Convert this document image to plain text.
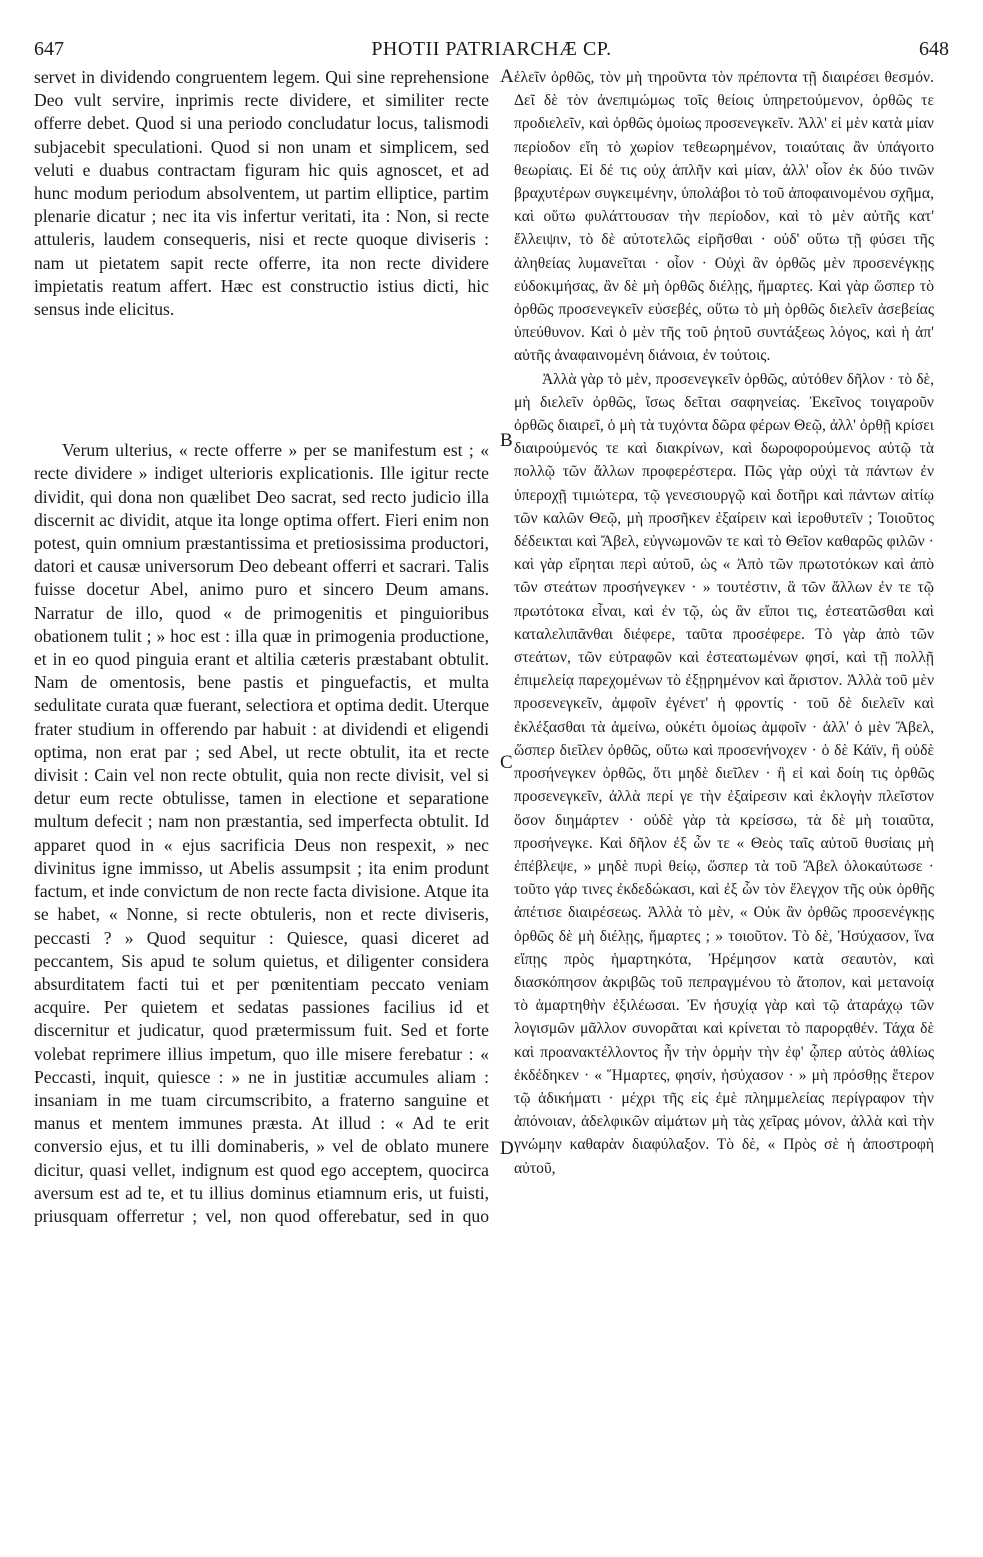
647	PHOTII PATRIARCHÆ CP.	648
A
B
C
D

servet in dividendo congruentem legem. Qui sine reprehensione Deo vult servire, inprimis recte dividere, et similiter recte offerre debet. Quod si una periodo concludatur locus, talismodi subjacebit speculationi. Quod si non unam et simplicem, sed veluti e duabus contractam figuram hic quis agnoscet, et ad hunc modum periodum absolventem, ut partim elliptice, partim plenarie dicatur ; nec ita vis infertur veritati, ita : Non, si recte attuleris, laudem consequeris, nisi et recte quoque diviseris : nam ut pietatem sapit recte offerre, ita non recte dividere impietatis reatum affert. Hæc est constructio istius dicti, hic sensus inde elicitus.

Verum ulterius, « recte offerre » per se manifestum est ; « recte dividere » indiget ulterioris explicationis. Ille igitur recte dividit, qui dona non quælibet Deo sacrat, sed recto judicio illa discernit ac dividit, atque ita longe optima offert. Fieri enim non potest, quin omnium præstantissima et pretiosissima productori, datori et causæ universorum Deo debeant offerri et sacrari. Talis fuisse docetur Abel, animo puro et sincero Deum amans. Narratur de illo, quod « de primogenitis et pinguioribus obationem tulit ; » hoc est : illa quæ in primogenia productione, et in eo quod pinguia erant et altilia cæteris præstabant obtulit. Nam de omentosis, bene pastis et pinguefactis, et multa sedulitate curata quæ fuerant, selectiora et optima dedit. Uterque frater studium in offerendo par habuit : at dividendi et eligendi optima, non erat par ; sed Abel, ut recte obtulit, ita et recte divisit : Cain vel non recte obtulit, quia non recte divisit, vel si detur eum recte obtulisse, tamen in electione et separatione multum defecit ; nam non præstantia, sed imperfecta obtulit. Id apparet quod in « ejus sacrificia Deus non respexit, » nec divinitus igne immisso, ut Abelis assumpsit ; ita enim produnt factum, et inde convictum de non recte facta divisione. Atque ita se habet, « Nonne, si recte obtuleris, non et recte diviseris, peccasti ? » Quod sequitur : Quiesce, quasi diceret ad peccantem, Sis apud te solum quietus, et diligenter considera absurditatem facti tui et per pœnitentiam peccato veniam acquire. Per quietem et sedatas passiones facilius id et discernitur et judicatur, quod prætermissum fuit. Sed et forte volebat reprimere illius impetum, quo ille misere ferebatur : « Peccasti, inquit, quiesce : » ne in justitiæ accumules aliam : insaniam in me tuam circumscribito, a fraterno sanguine et manus et mentem immunes præsta. At illud : « Ad te erit conversio ejus, et tu illi dominaberis, » vel de oblato munere dicitur, quasi vellet, indignum est quod ego acceptem, quocirca aversum est ad te, et tu illius dominus etiamnum eris, ut fuisti, priusquam offerretur ; vel, non quod offerebatur, sed in quo

ἑλεῖν ὀρθῶς, τὸν μὴ τηροῦντα τὸν πρέποντα τῇ διαιρέσει θεσμόν. Δεῖ δὲ τὸν ἀνεπιμώμως τοῖς θείοις ὑπηρετούμενον, ὀρθῶς τε προδιελεῖν, καὶ ὀρθῶς ὁμοίως προσενεγκεῖν. Ἀλλ' εἰ μὲν κατὰ μίαν περίοδον εἴη τὸ χωρίον τεθεωρημένον, τοιαύταις ἂν ὑπάγοιτο θεωρίαις. Εἰ δέ τις οὐχ ἁπλῆν καὶ μίαν, ἀλλ' οἷον ἐκ δύο τινῶν βραχυτέρων συγκειμένην, ὑπολάβοι τὸ τοῦ ἀποφαινομένου σχῆμα, καὶ οὕτω φυλάττουσαν τὴν περίοδον, καὶ τὸ μὲν αὐτῆς κατ' ἔλλειψιν, τὸ δὲ αὐτοτελῶς εἰρῆσθαι · οὐδ' οὕτω τῇ φύσει τῆς ἀληθείας λυμανεῖται · οἷον · Οὐχὶ ἂν ὀρθῶς μὲν προσενέγκῃς εὐδοκιμήσας, ἂν δὲ μὴ ὀρθῶς διέλῃς, ἥμαρτες. Καὶ γὰρ ὥσπερ τὸ ὀρθῶς προσενεγκεῖν εὐσεβές, οὕτω τὸ μὴ ὀρθῶς διελεῖν ἀσεβείας ὑπεύθυνον. Καὶ ὁ μὲν τῆς τοῦ ῥητοῦ συντάξεως λόγος, καὶ ἡ ἀπ' αὐτῆς ἀναφαινομένη διάνοια, ἐν τούτοις.

Ἀλλὰ γὰρ τὸ μὲν, προσενεγκεῖν ὀρθῶς, αὐτόθεν δῆλον · τὸ δὲ, μὴ διελεῖν ὀρθῶς, ἴσως δεῖται σαφηνείας. Ἐκεῖνος τοιγαροῦν ὀρθῶς διαιρεῖ, ὁ μὴ τὰ τυχόντα δῶρα φέρων Θεῷ, ἀλλ' ὀρθῇ κρίσει διαιρούμενός τε καὶ διακρίνων, καὶ δωροφορούμενος αὐτῷ τὰ πολλῷ τῶν ἄλλων προφερέστερα. Πῶς γὰρ οὐχὶ τὰ πάντων ἐν ὑπεροχῇ τιμιώτερα, τῷ γενεσιουργῷ καὶ δοτῆρι καὶ πάντων αἰτίῳ τῶν καλῶν Θεῷ, μὴ προσῆκεν ἐξαίρειν καὶ ἱεροθυτεῖν ; Τοιοῦτος δέδεικται καὶ Ἄβελ, εὐγνωμονῶν τε καὶ τὸ Θεῖον καθαρῶς φιλῶν · καὶ γὰρ εἴρηται περὶ αὐτοῦ, ὡς « Ἀπὸ τῶν πρωτοτόκων καὶ ἀπὸ τῶν στεάτων προσήνεγκεν · » τουτέστιν, ἃ τῶν ἄλλων ἐν τε τῷ πρωτότοκα εἶναι, καὶ ἐν τῷ, ὡς ἂν εἴποι τις, ἐστεατῶσθαι καὶ καταλελιπᾶνθαι διέφερε, ταῦτα προσέφερε. Τὸ γὰρ ἀπὸ τῶν στεάτων, τῶν εὐτραφῶν καὶ ἐστεατωμένων φησί, καὶ τῇ πολλῇ ἐπιμελείᾳ παρεχομένων τὸ ἐξῃρημένον καὶ ἄριστον. Ἀλλὰ τοῦ μὲν προσενεγκεῖν, ἀμφοῖν ἐγένετ' ἡ φροντίς · τοῦ δὲ διελεῖν καὶ ἐκλέξασθαι τὰ ἀμείνω, οὐκέτι ὁμοίως ἀμφοῖν · ἀλλ' ὁ μὲν Ἄβελ, ὥσπερ διεῖλεν ὀρθῶς, οὕτω καὶ προσενήνοχεν · ὁ δὲ Κάϊν, ἢ οὐδὲ προσήνεγκεν ὀρθῶς, ὅτι μηδὲ διεῖλεν · ἢ εἰ καὶ δοίη τις ὀρθῶς προσενεγκεῖν, ἀλλὰ περί γε τὴν ἐξαίρεσιν καὶ ἐκλογὴν πλεῖστον ὅσον διημάρτεν · οὐδὲ γὰρ τὰ κρείσσω, τὰ δὲ μὴ τοιαῦτα, προσήνεγκε. Καὶ δῆλον ἐξ ὧν τε « Θεὸς ταῖς αὐτοῦ θυσίαις μὴ ἐπέβλεψε, » μηδὲ πυρὶ θείῳ, ὥσπερ τὰ τοῦ Ἄβελ ὁλοκαύτωσε · τοῦτο γάρ τινες ἐκδεδώκασι, καὶ ἐξ ὧν τὸν ἔλεγχον τῆς οὐκ ὀρθῆς ἀπέτισε διαιρέσεως. Ἀλλὰ τὸ μὲν, « Οὐκ ἂν ὀρθῶς προσενέγκῃς ὀρθῶς δὲ μὴ διέλῃς, ἥμαρτες ; » τοιοῦτον. Τὸ δὲ, Ἡσύχασον, ἵνα εἴπῃς πρὸς ἡμαρτηκότα, Ἠρέμησον κατὰ σεαυτὸν, καὶ διασκόπησον ἀκριβῶς τοῦ πεπραγμένου τὸ ἄτοπον, καὶ μετανοίᾳ τὸ ἁμαρτηθὴν ἐξιλέωσαι. Ἐν ἡσυχίᾳ γὰρ καὶ τῷ ἀταράχῳ τῶν λογισμῶν μᾶλλον συνορᾶται καὶ κρίνεται τὸ παρορᾳθέν. Τάχα δὲ καὶ προανακτέλλοντος ἦν τὴν ὁρμὴν τὴν ἐφ' ᾧπερ αὐτὸς ἀθλίως ἐκδέδηκεν · « Ἥμαρτες, φησίν, ἡσύχασον · » μὴ πρόσθῃς ἕτερον τῷ ἀδικήματι · μέχρι τῆς εἰς ἐμὲ πλημμελείας περίγραφον τὴν ἀπόνοιαν, ἀδελφικῶν αἱμάτων μὴ τὰς χεῖρας μόνον, ἀλλὰ καὶ τὴν γνώμην καθαρὰν διαφύλαξον. Τὸ δὲ, « Πρὸς σὲ ἡ ἀποστροφὴ αὐτοῦ,
